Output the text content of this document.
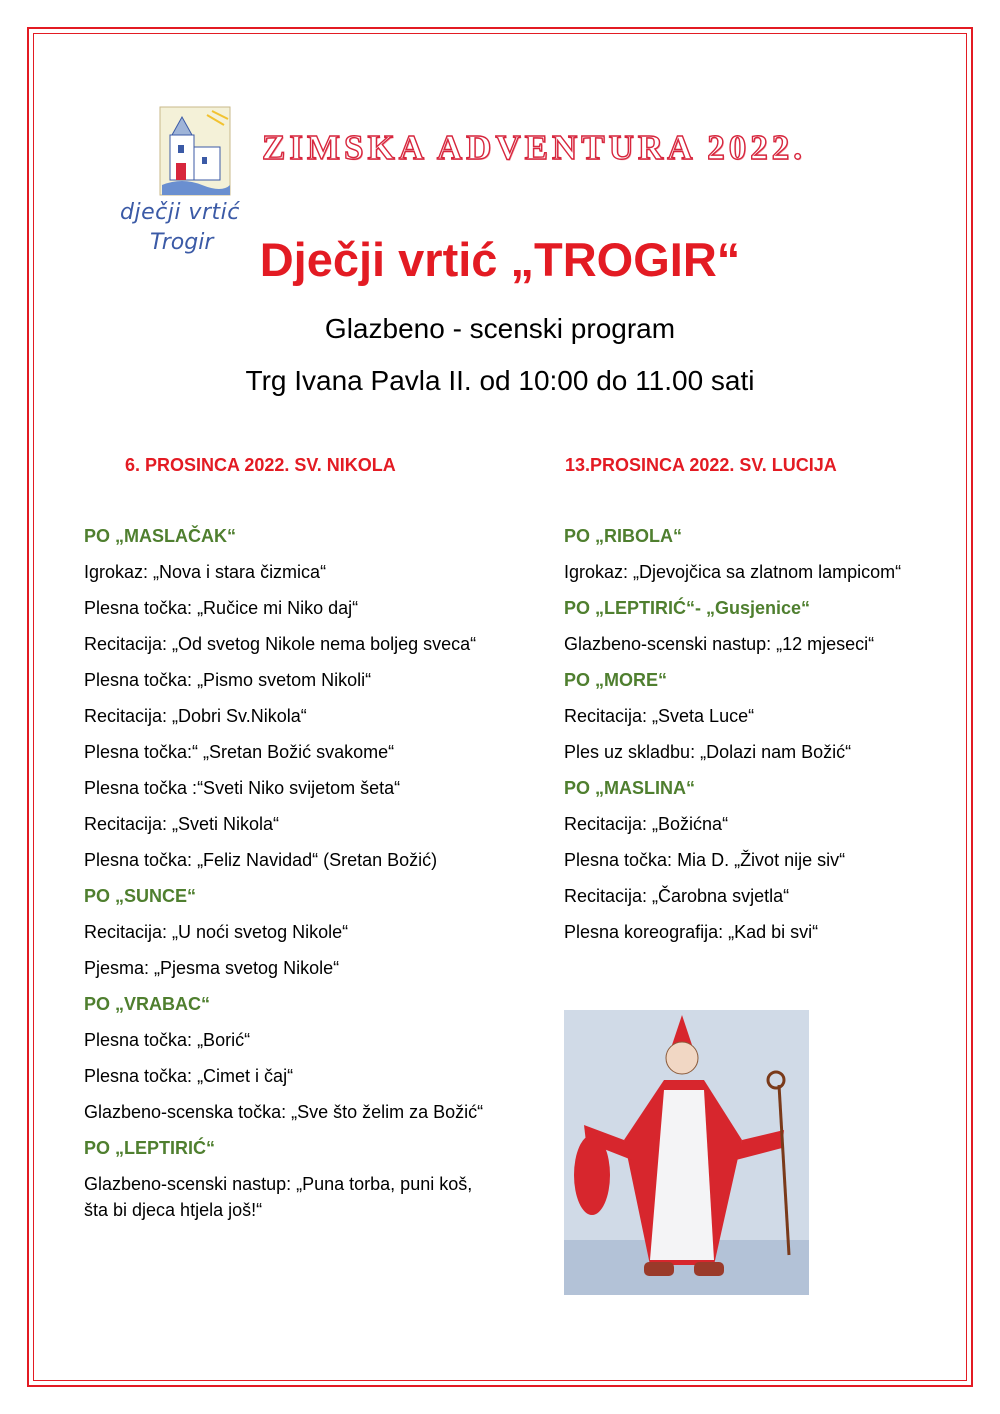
dječji vrtić
Trogir
ZIMSKA ADVENTURA 2022.
Dječji vrtić „TROGIR“
Glazbeno - scenski program
Trg Ivana Pavla II. od 10:00 do 11.00 sati
6. PROSINCA 2022. SV. NIKOLA	13.PROSINCA 2022. SV. LUCIJA
PO „MASLAČAK“
Igrokaz: „Nova i stara čizmica“
Plesna točka: „Ručice mi Niko daj“
Recitacija: „Od svetog Nikole nema boljeg sveca“
Plesna točka: „Pismo svetom Nikoli“
Recitacija: „Dobri Sv.Nikola“
Plesna točka:“ „Sretan Božić svakome“
Plesna točka :“Sveti Niko svijetom šeta“
Recitacija: „Sveti Nikola“
Plesna točka: „Feliz Navidad“ (Sretan Božić)
PO „SUNCE“
Recitacija: „U noći svetog Nikole“
Pjesma: „Pjesma svetog Nikole“
PO „VRABAC“
Plesna točka: „Borić“
Plesna točka: „Cimet i čaj“
Glazbeno-scenska točka: „Sve što želim za Božić“
PO „LEPTIRIĆ“
Glazbeno-scenski nastup: „Puna torba, puni koš, šta bi djeca htjela još!“
PO „RIBOLA“
Igrokaz: „Djevojčica sa zlatnom lampicom“
PO „LEPTIRIĆ“- „Gusjenice“
Glazbeno-scenski nastup: „12 mjeseci“
PO „MORE“
Recitacija: „Sveta Luce“
Ples uz skladbu: „Dolazi nam Božić“
PO „MASLINA“
Recitacija: „Božićna“
Plesna točka: Mia D. „Život nije siv“
Recitacija: „Čarobna svjetla“
Plesna koreografija: „Kad bi svi“
